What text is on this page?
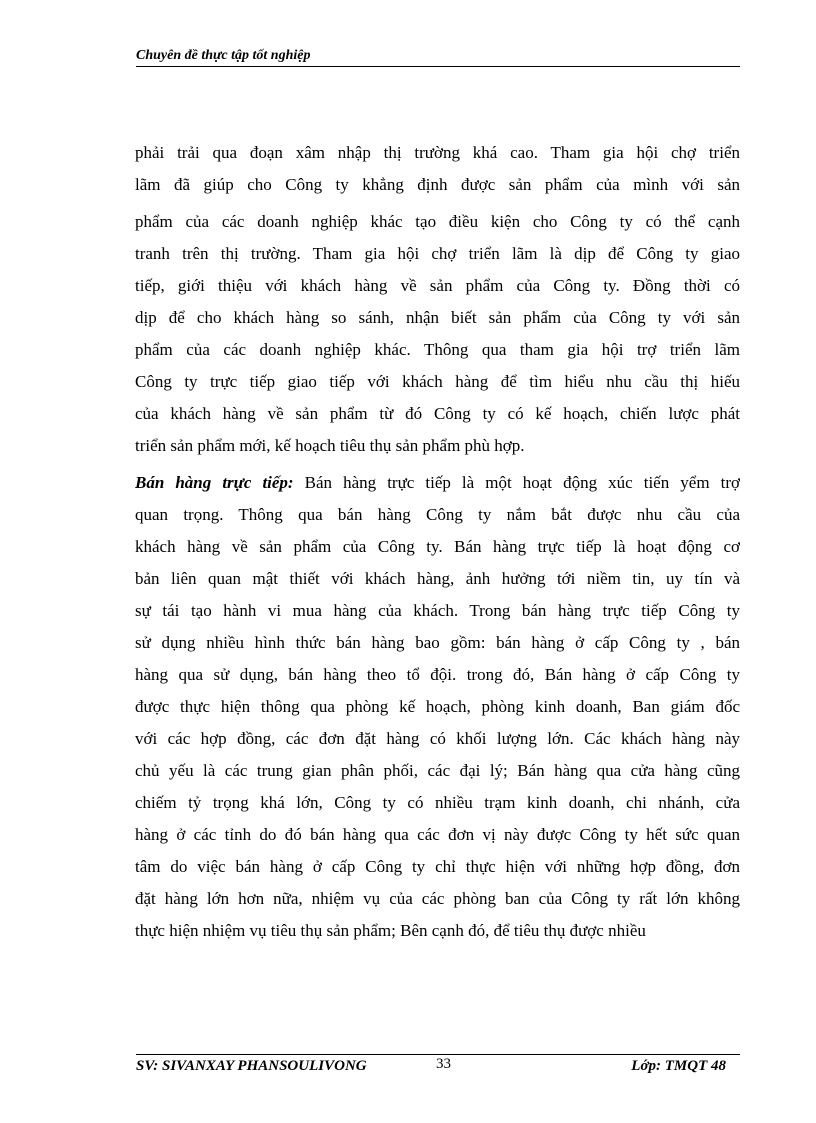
Chuyên đề thực tập tốt nghiệp
phải trải qua đoạn xâm nhập thị trường khá cao. Tham gia hội chợ triển
lãm đã giúp cho Công ty khẳng định được sản phẩm của mình với sản
phẩm của các doanh nghiệp khác tạo điều kiện cho Công ty có thể cạnh
tranh trên thị trường. Tham gia hội chợ triển lãm là dịp để Công ty giao
tiếp, giới thiệu với khách hàng về sản phẩm của Công ty. Đồng thời có
dịp để cho khách hàng so sánh, nhận biết sản phẩm của Công ty với sản
phẩm của các doanh nghiệp khác. Thông qua tham gia hội trợ triển lãm
Công ty trực tiếp giao tiếp với khách hàng để tìm hiểu nhu cầu thị hiếu
của khách hàng về sản phẩm từ đó Công ty có kế hoạch, chiến lược phát
triển sản phẩm mới, kế hoạch tiêu thụ sản phẩm phù hợp.
Bán hàng trực tiếp: Bán hàng trực tiếp là một hoạt động xúc tiến yểm trợ
quan trọng. Thông qua bán hàng Công ty nắm bắt được nhu cầu của
khách hàng về sản phẩm của Công ty. Bán hàng trực tiếp là hoạt động cơ
bản liên quan mật thiết với khách hàng, ảnh hưởng tới niềm tin, uy tín và
sự tái tạo hành vi mua hàng của khách. Trong bán hàng trực tiếp Công ty
sử dụng nhiều hình thức bán hàng bao gồm: bán hàng ở cấp Công ty , bán
hàng qua sử dụng, bán hàng theo tổ đội. trong đó, Bán hàng ở cấp Công ty
được thực hiện thông qua phòng kế hoạch, phòng kinh doanh, Ban giám đốc
với các hợp đồng, các đơn đặt hàng có khối lượng lớn. Các khách hàng này
chủ yếu là các trung gian phân phối, các đại lý; Bán hàng qua cửa hàng cũng
chiếm tỷ trọng khá lớn, Công ty có nhiều trạm kinh doanh, chi nhánh, cửa
hàng ở các tỉnh do đó bán hàng qua các đơn vị này được Công ty hết sức quan
tâm do việc bán hàng ở cấp Công ty chỉ thực hiện với những hợp đồng, đơn
đặt hàng lớn hơn nữa, nhiệm vụ của các phòng ban của Công ty rất lớn không
thực hiện nhiệm vụ tiêu thụ sản phẩm; Bên cạnh đó, để tiêu thụ được nhiều
SV: SIVANXAY PHANSOULIVONG	33	Lớp: TMQT 48
